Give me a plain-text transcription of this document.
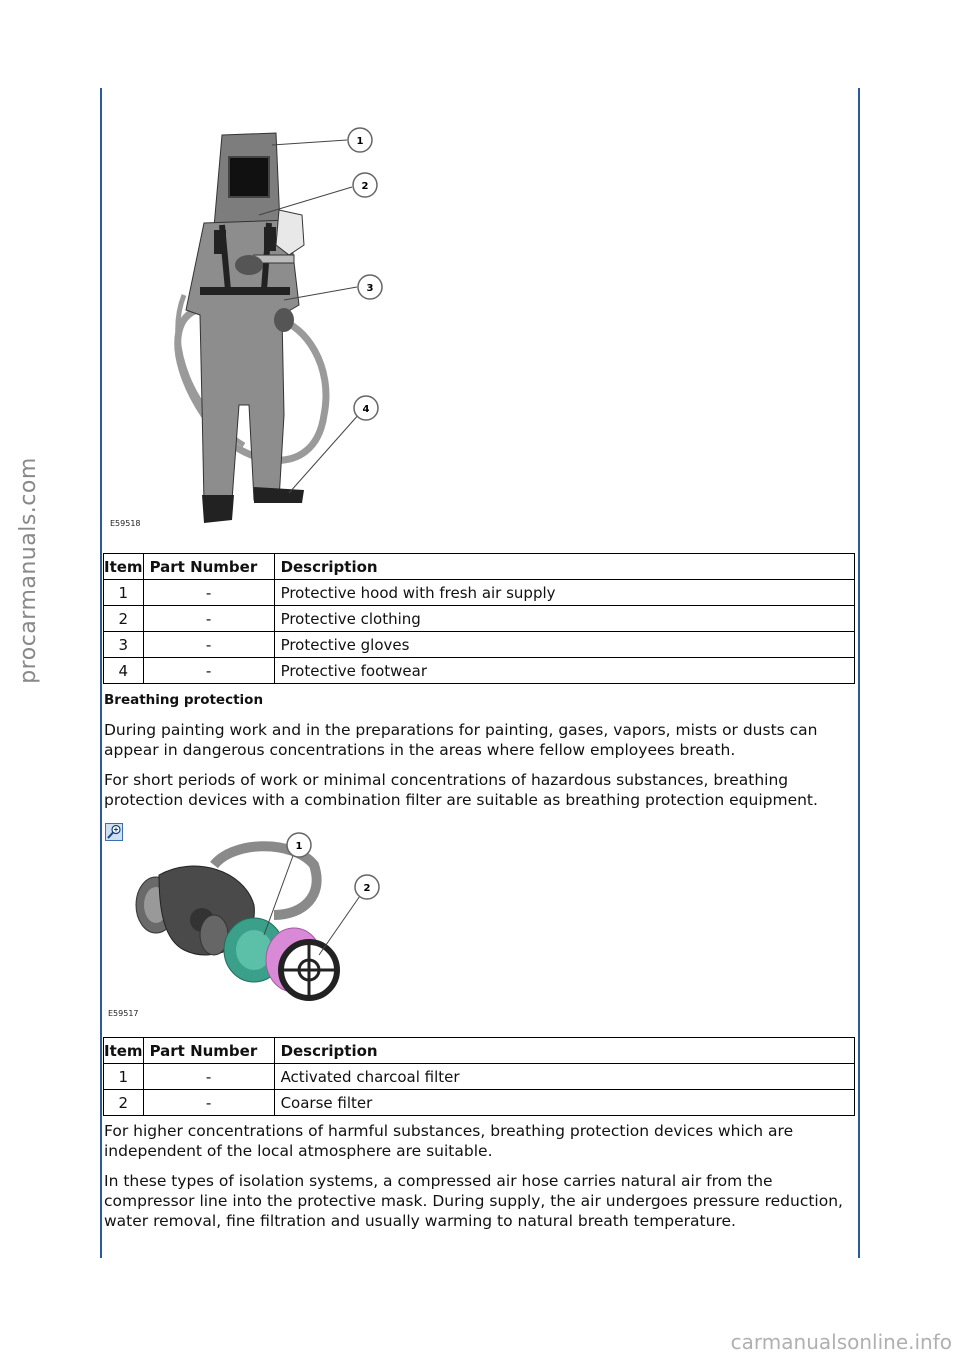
procarmanuals.com
1
2
3
4
E59518
Item	Part Number	Description
1	-	Protective hood with fresh air supply
2	-	Protective clothing
3	-	Protective gloves
4	-	Protective footwear
Breathing protection

During painting work and in the preparations for painting, gases, vapors, mists or dusts can appear in dangerous concentrations in the areas where fellow employees breath.

For short periods of work or minimal concentrations of hazardous substances, breathing protection devices with a combination filter are suitable as breathing protection equipment.

1
2
E59517
Item	Part Number	Description
1	-	Activated charcoal filter
2	-	Coarse filter

For higher concentrations of harmful substances, breathing protection devices which are independent of the local atmosphere are suitable.

In these types of isolation systems, a compressed air hose carries natural air from the compressor line into the protective mask. During supply, the air undergoes pressure reduction, water removal, fine filtration and usually warming to natural breath temperature.

carmanualsonline.info
